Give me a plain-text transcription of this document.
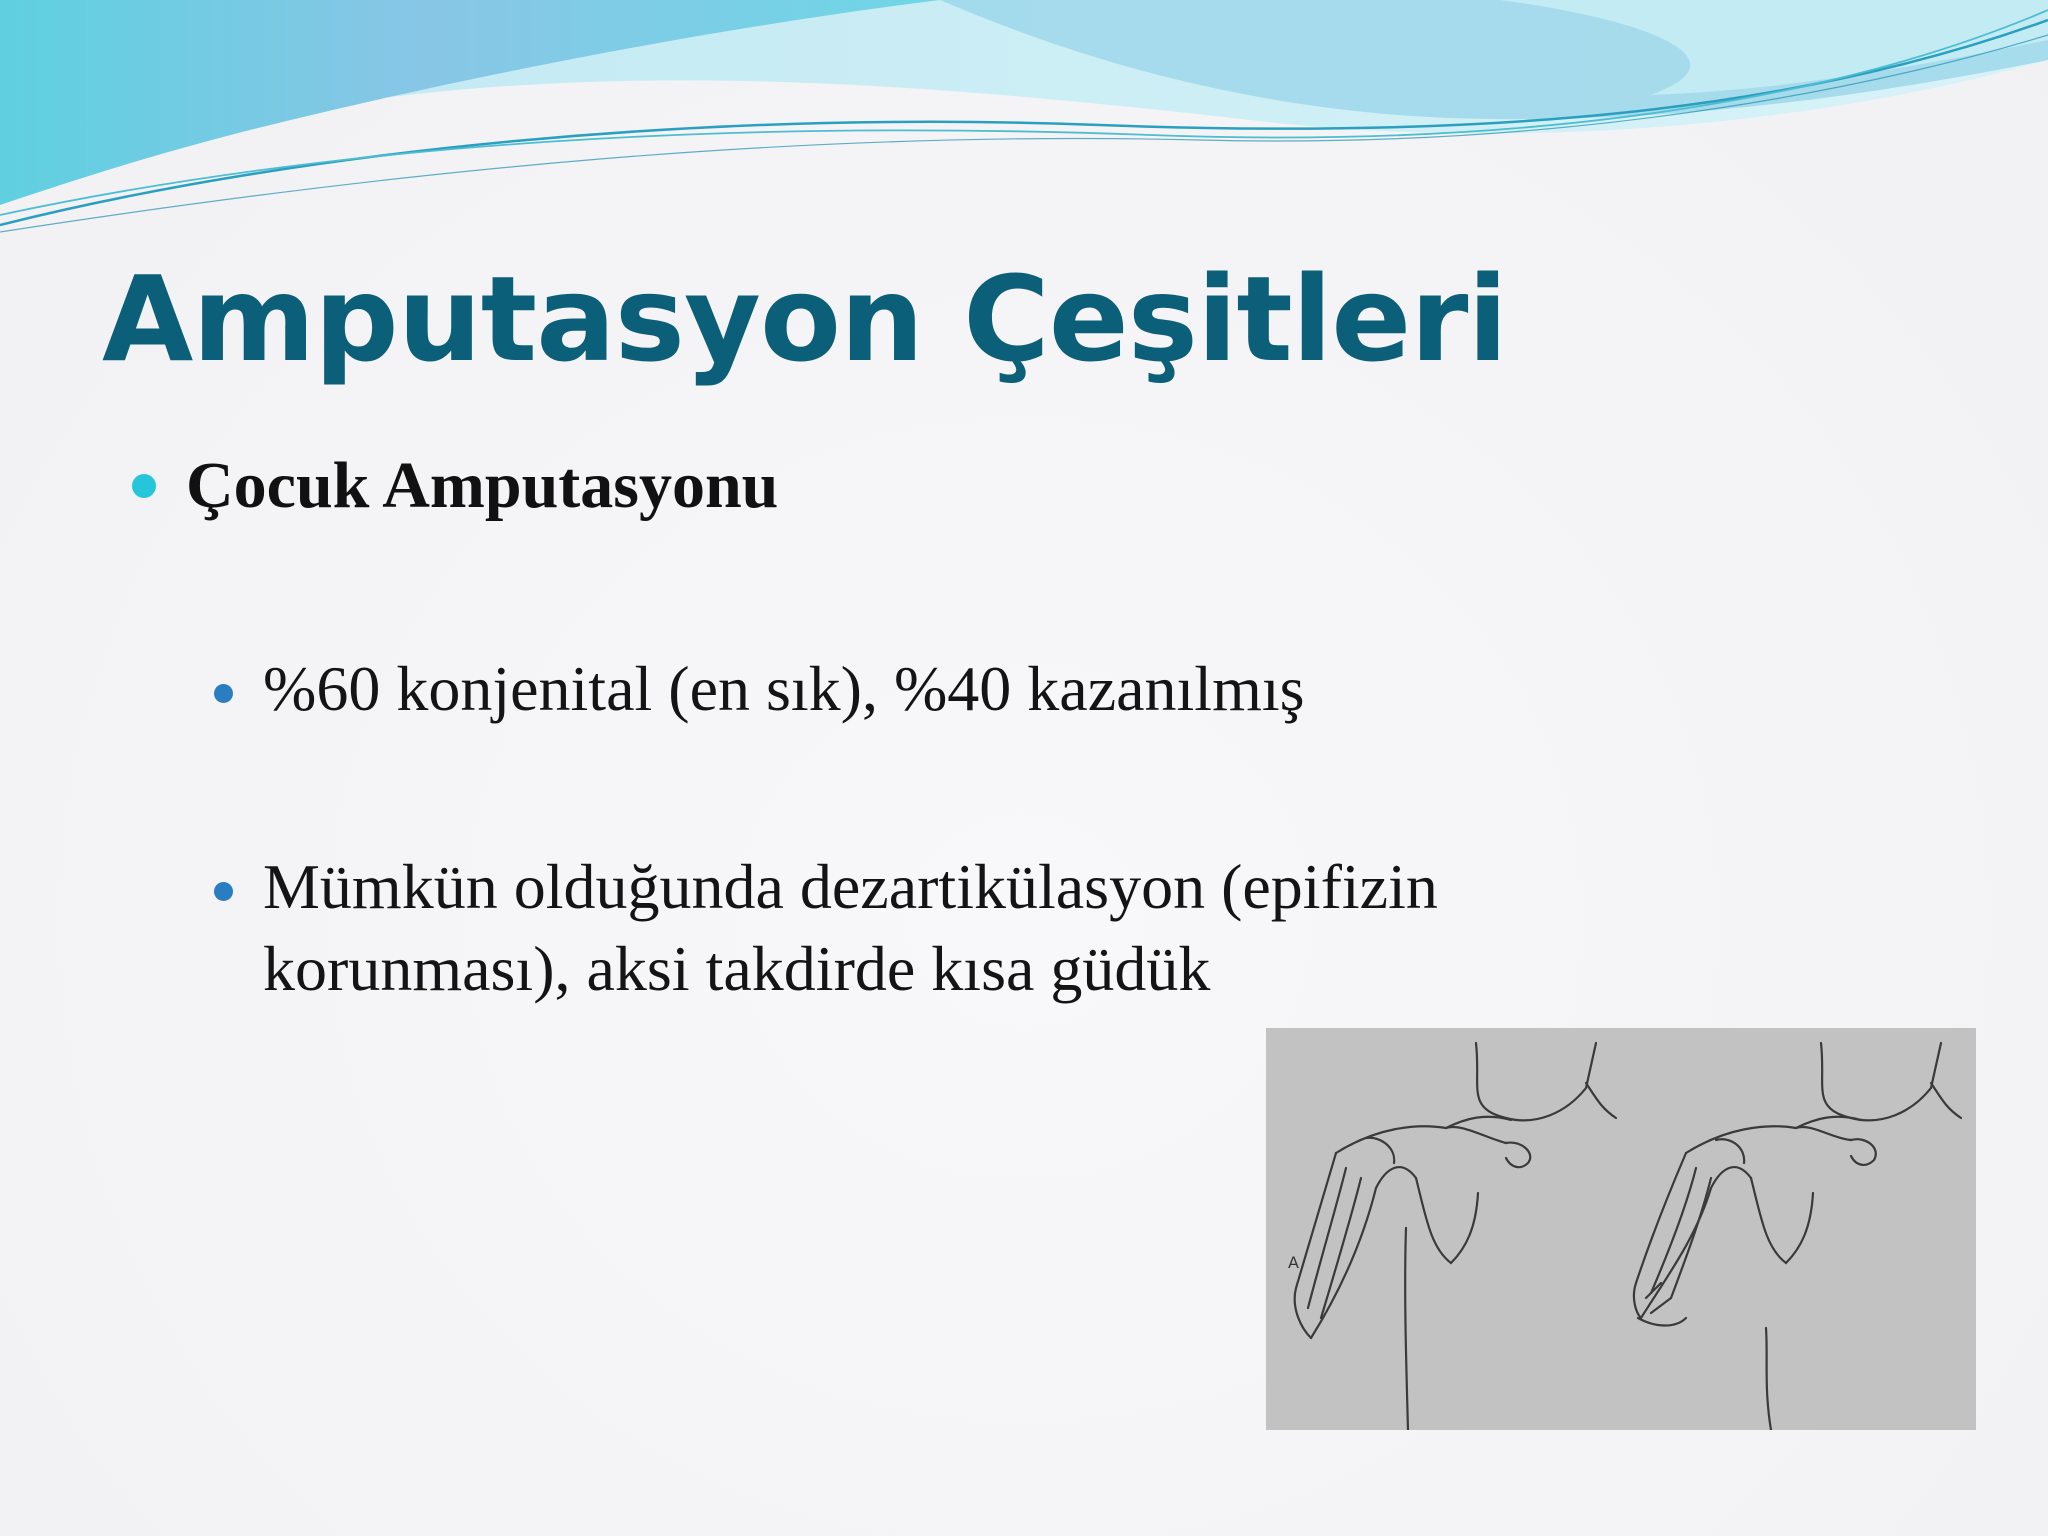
Amputasyon Çeşitleri
Çocuk Amputasyonu
%60 konjenital (en sık), %40 kazanılmış
Mümkün olduğunda dezartikülasyon (epifizin
korunması), aksi takdirde kısa güdük
A
